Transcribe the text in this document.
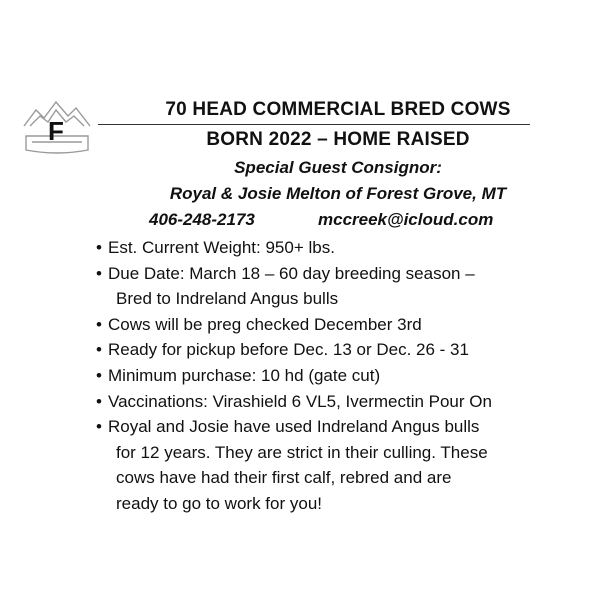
F
70 HEAD COMMERCIAL BRED COWS
BORN 2022 – HOME RAISED
Special Guest Consignor:
Royal & Josie Melton of Forest Grove, MT
406-248-2173	mccreek@icloud.com
• Est. Current Weight: 950+ lbs.
• Due Date: March 18 – 60 day breeding season –
Bred to Indreland Angus bulls
• Cows will be preg checked December 3rd
• Ready for pickup before Dec. 13 or Dec. 26 - 31
• Minimum purchase: 10 hd (gate cut)
• Vaccinations: Virashield 6 VL5, Ivermectin Pour On
• Royal and Josie have used Indreland Angus bulls
for 12 years. They are strict in their culling. These
cows have had their first calf, rebred and are
ready to go to work for you!
